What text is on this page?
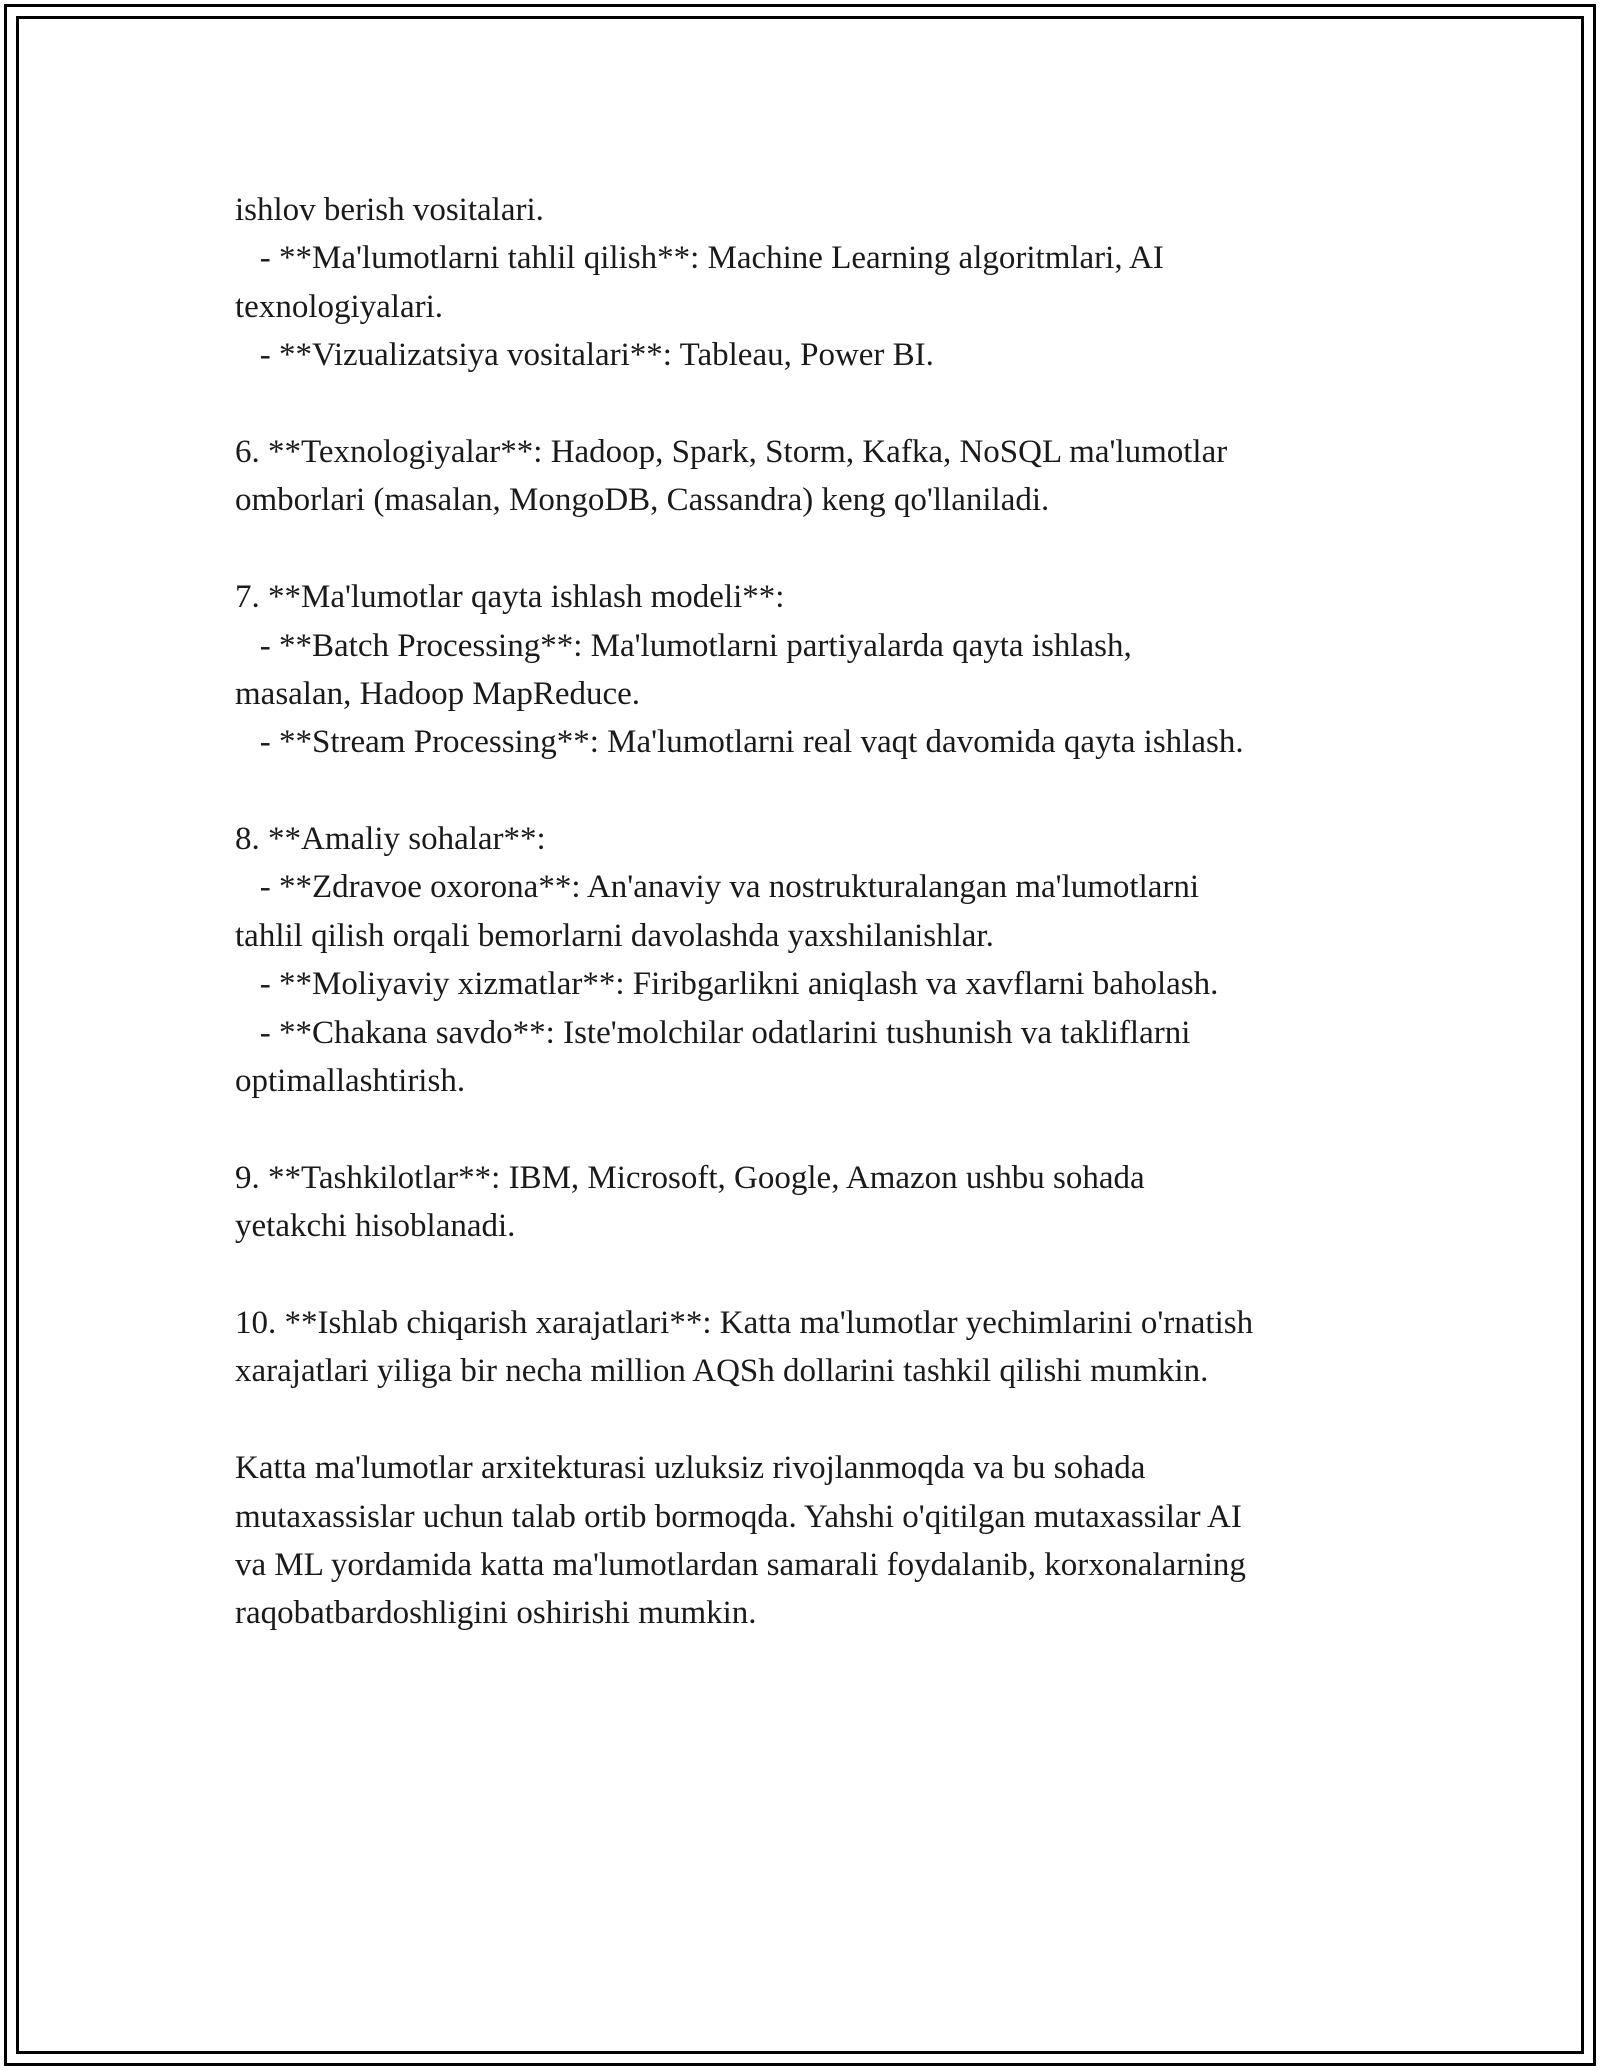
ishlov berish vositalari.
- **Ma'lumotlarni tahlil qilish**: Machine Learning algoritmlari, AI
texnologiyalari.
- **Vizualizatsiya vositalari**: Tableau, Power BI.
6. **Texnologiyalar**: Hadoop, Spark, Storm, Kafka, NoSQL ma'lumotlar
omborlari (masalan, MongoDB, Cassandra) keng qo'llaniladi.
7. **Ma'lumotlar qayta ishlash modeli**:
- **Batch Processing**: Ma'lumotlarni partiyalarda qayta ishlash,
masalan, Hadoop MapReduce.
- **Stream Processing**: Ma'lumotlarni real vaqt davomida qayta ishlash.
8. **Amaliy sohalar**:
- **Zdravoe oxorona**: An'anaviy va nostrukturalangan ma'lumotlarni
tahlil qilish orqali bemorlarni davolashda yaxshilanishlar.
- **Moliyaviy xizmatlar**: Firibgarlikni aniqlash va xavflarni baholash.
- **Chakana savdo**: Iste'molchilar odatlarini tushunish va takliflarni
optimallashtirish.
9. **Tashkilotlar**: IBM, Microsoft, Google, Amazon ushbu sohada
yetakchi hisoblanadi.
10. **Ishlab chiqarish xarajatlari**: Katta ma'lumotlar yechimlarini o'rnatish
xarajatlari yiliga bir necha million AQSh dollarini tashkil qilishi mumkin.
Katta ma'lumotlar arxitekturasi uzluksiz rivojlanmoqda va bu sohada
mutaxassislar uchun talab ortib bormoqda. Yahshi o'qitilgan mutaxassilar AI
va ML yordamida katta ma'lumotlardan samarali foydalanib, korxonalarning
raqobatbardoshligini oshirishi mumkin.
